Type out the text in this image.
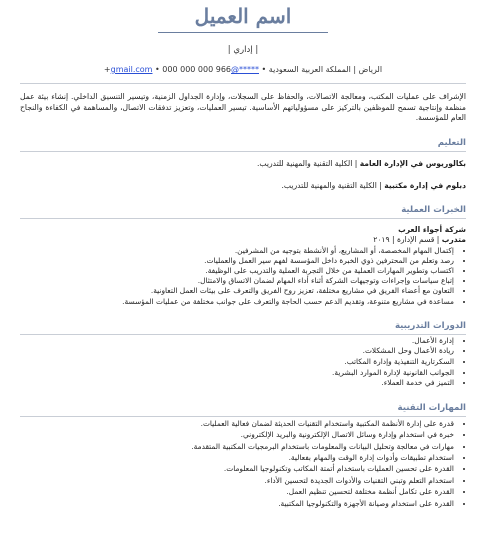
اسم العميل
| إداري |
الرياض | المملكة العربية السعودية • *****@gmail.com • 000 000 000 966+
الإشراف على عمليات المكتب، ومعالجة الاتصالات، والحفاظ على السجلات، وإدارة الجداول الزمنية، وتيسير التنسيق الداخلي. إنشاء بيئة عمل منظمة وإنتاجية تسمح للموظفين بالتركيز على مسؤولياتهم الأساسية. تيسير العمليات، وتعزيز تدفقات الاتصال، والمساهمة في الكفاءة والنجاح العام للمؤسسة.
التعليم
بكالوريوس في الإدارة العامة | الكلية التقنية والمهنية للتدريب.
دبلوم في إدارة مكتبية | الكلية التقنية والمهنية للتدريب.
الخبرات العملية
شركة أجواء العرب
متدرب | قسم الإدارة | ٢٠١٩
• إكتمال المهام المخصصة، أو المشاريع، أو الأنشطة بتوجيه من المشرفين.
• رصد وتعلم من المحترفين ذوي الخبرة داخل المؤسسة لفهم سير العمل والعمليات.
• اكتساب وتطوير المهارات العملية من خلال التجربة العملية والتدريب على الوظيفة.
• إتباع سياسات وإجراءات وتوجيهات الشركة أثناء أداء المهام لضمان الاتساق والامتثال.
• التعاون مع أعضاء الفريق في مشاريع مختلفة، تعزيز روح الفريق والتعرف على بيئات العمل التعاونية.
• مساعدة في مشاريع متنوعة، وتقديم الدعم حسب الحاجة والتعرف على جوانب مختلفة من عمليات المؤسسة.
الدورات التدريبية
• إدارة الأعمال.
• ريادة الأعمال وحل المشكلات.
• السكرتارية التنفيذية وإدارة المكاتب.
• الجوانب القانونية لإدارة الموارد البشرية.
• التميز في خدمة العملاء.
المهارات التقنية
• قدرة على إدارة الأنظمة المكتبية واستخدام التقنيات الحديثة لضمان فعالية العمليات.
• خبرة في استخدام وإدارة وسائل الاتصال الإلكترونية والبريد الإلكتروني.
• مهارات في معالجة وتحليل البيانات والمعلومات باستخدام البرمجيات المكتبية المتقدمة.
• استخدام تطبيقات وأدوات إدارة الوقت والمهام بفعالية.
• القدرة على تحسين العمليات باستخدام أتمتة المكاتب وتكنولوجيا المعلومات.
• استخدام التعلم وتبني التقنيات والأدوات الجديدة لتحسين الأداء.
• القدرة على تكامل أنظمة مختلفة لتحسين تنظيم العمل.
• القدرة على استخدام وصيانة الأجهزة والتكنولوجيا المكتبية.
